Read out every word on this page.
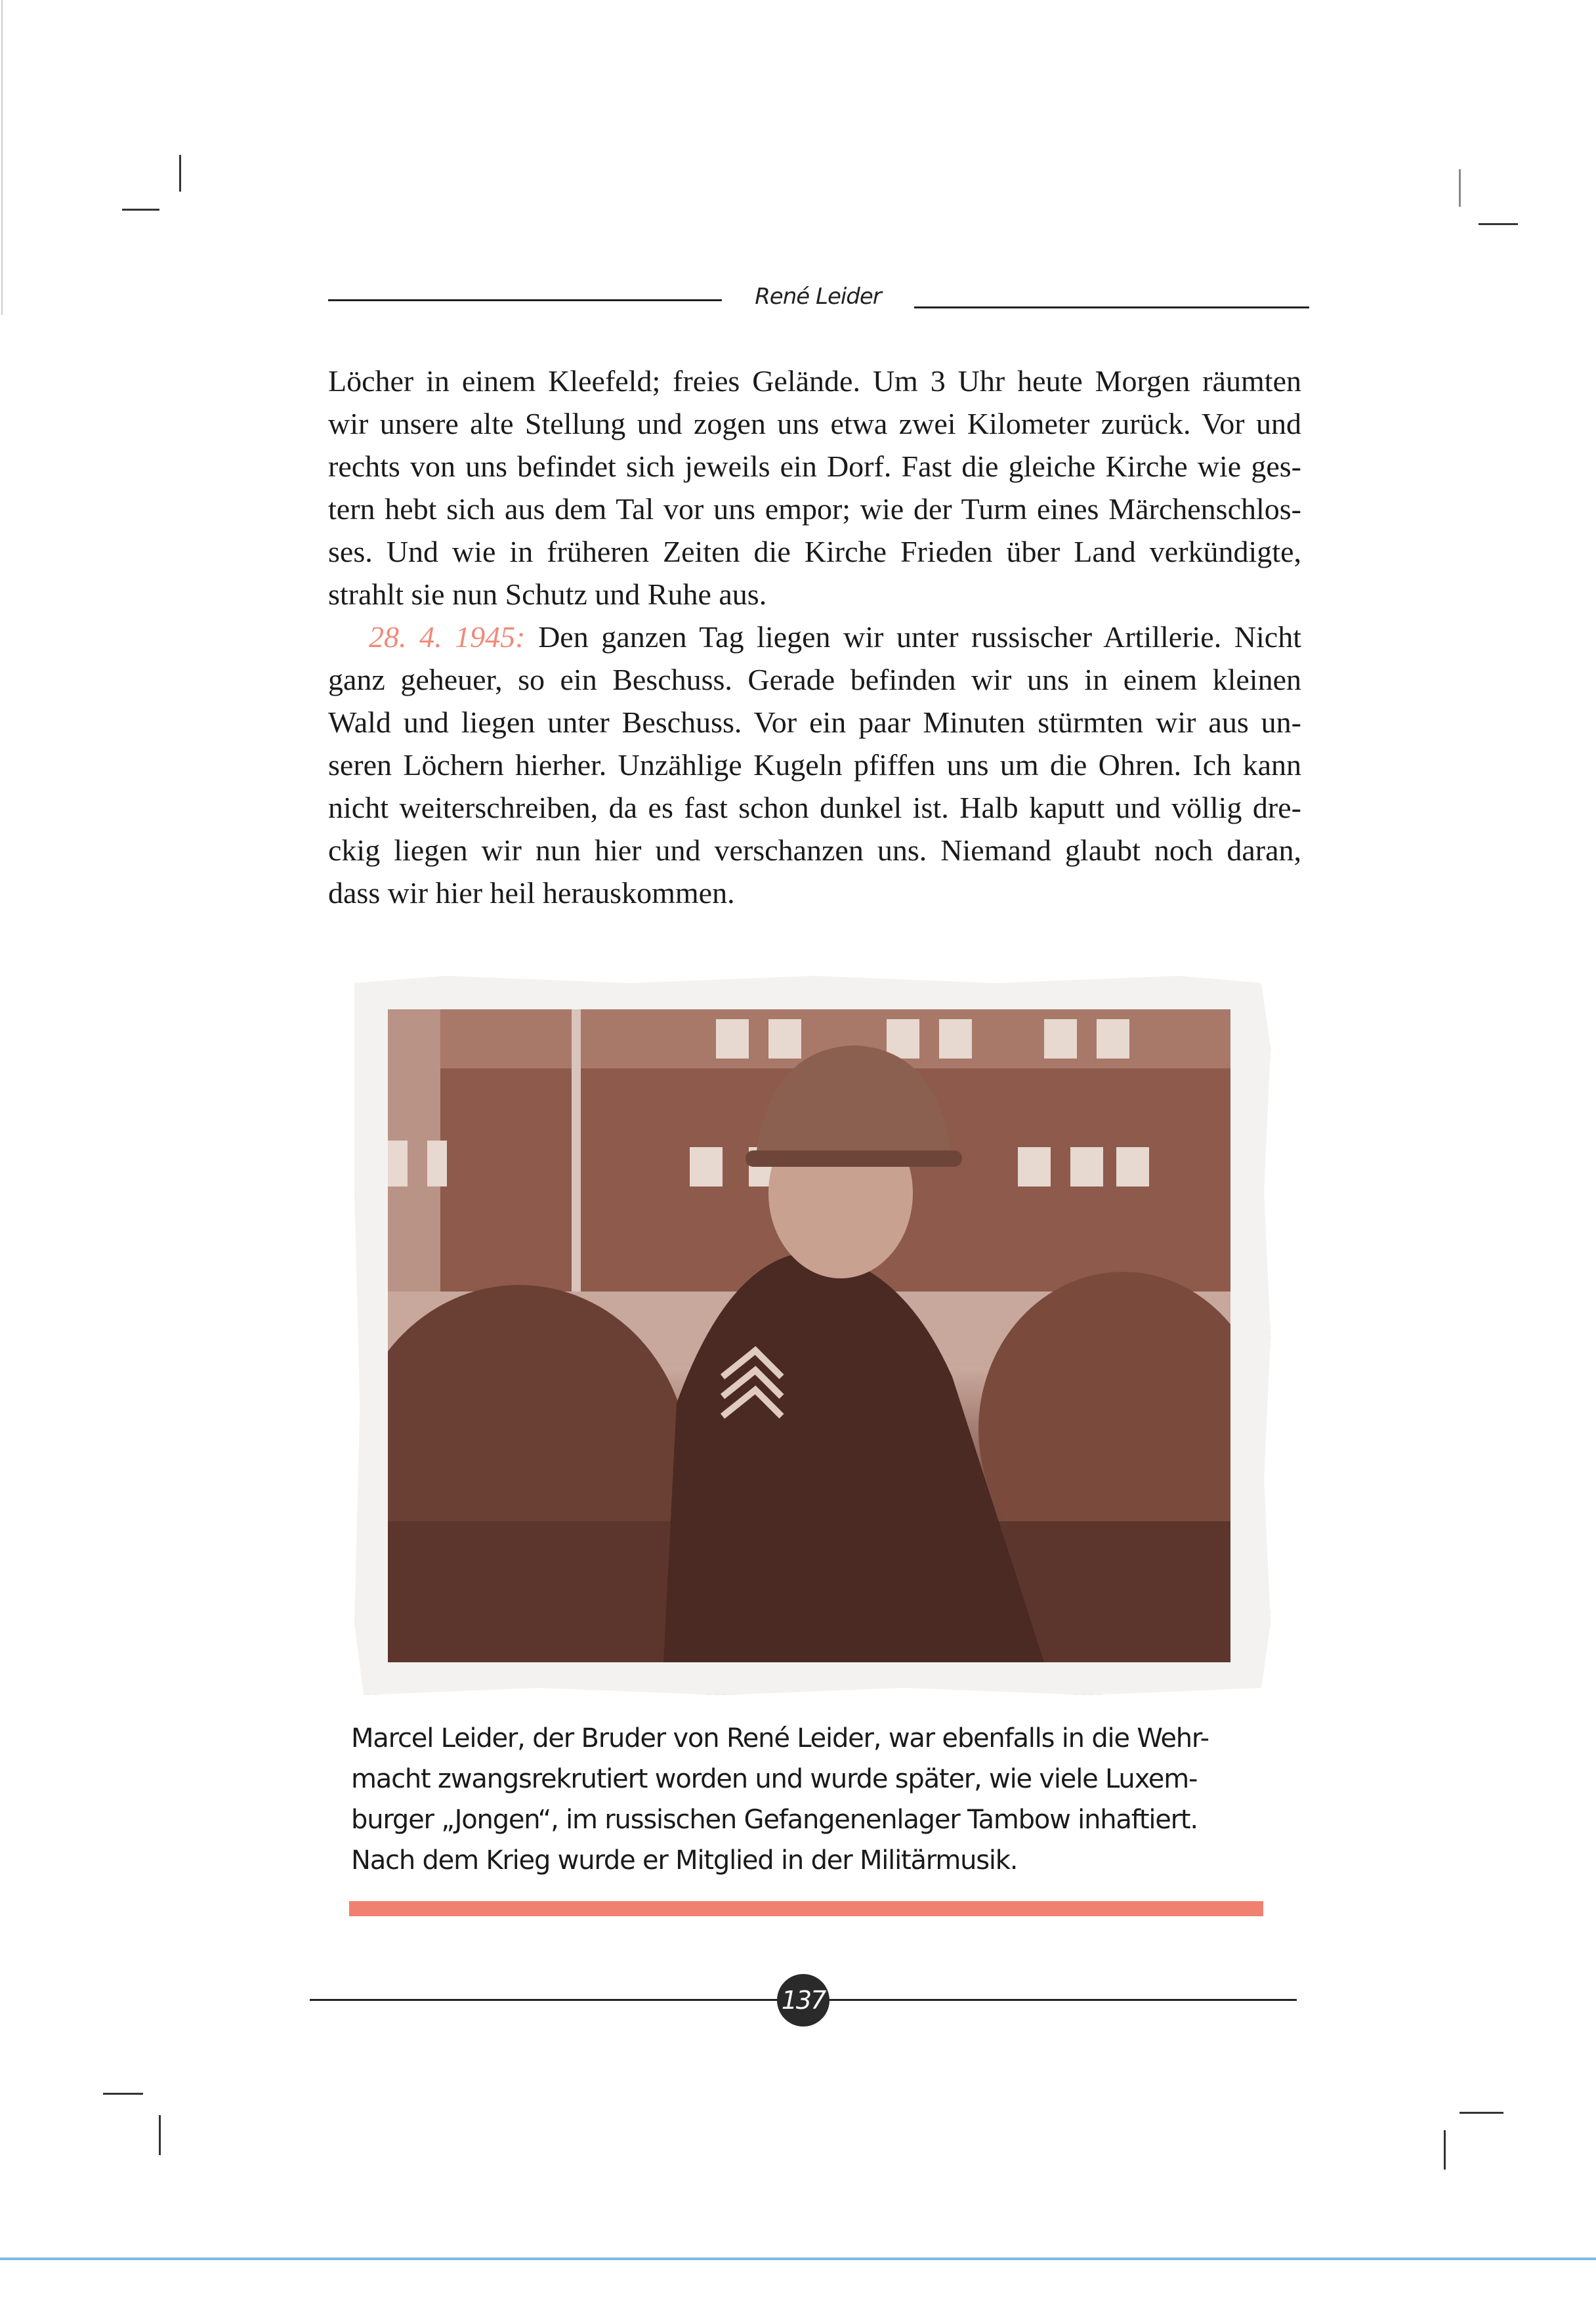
René Leider
Löcher in einem Kleefeld; freies Gelände. Um 3 Uhr heute Morgen räumten
wir unsere alte Stellung und zogen uns etwa zwei Kilometer zurück. Vor und
rechts von uns befindet sich jeweils ein Dorf. Fast die gleiche Kirche wie ges-
tern hebt sich aus dem Tal vor uns empor; wie der Turm eines Märchenschlos-
ses. Und wie in früheren Zeiten die Kirche Frieden über Land verkündigte,
strahlt sie nun Schutz und Ruhe aus.
28. 4. 1945: Den ganzen Tag liegen wir unter russischer Artillerie. Nicht
ganz geheuer, so ein Beschuss. Gerade befinden wir uns in einem kleinen
Wald und liegen unter Beschuss. Vor ein paar Minuten stürmten wir aus un-
seren Löchern hierher. Unzählige Kugeln pfiffen uns um die Ohren. Ich kann
nicht weiterschreiben, da es fast schon dunkel ist. Halb kaputt und völlig dre-
ckig liegen wir nun hier und verschanzen uns. Niemand glaubt noch daran,
dass wir hier heil herauskommen.
Marcel Leider, der Bruder von René Leider, war ebenfalls in die Wehr-
macht zwangsrekrutiert worden und wurde später, wie viele Luxem-
burger „Jongen“, im russischen Gefangenenlager Tambow inhaftiert.
Nach dem Krieg wurde er Mitglied in der Militärmusik.
137
